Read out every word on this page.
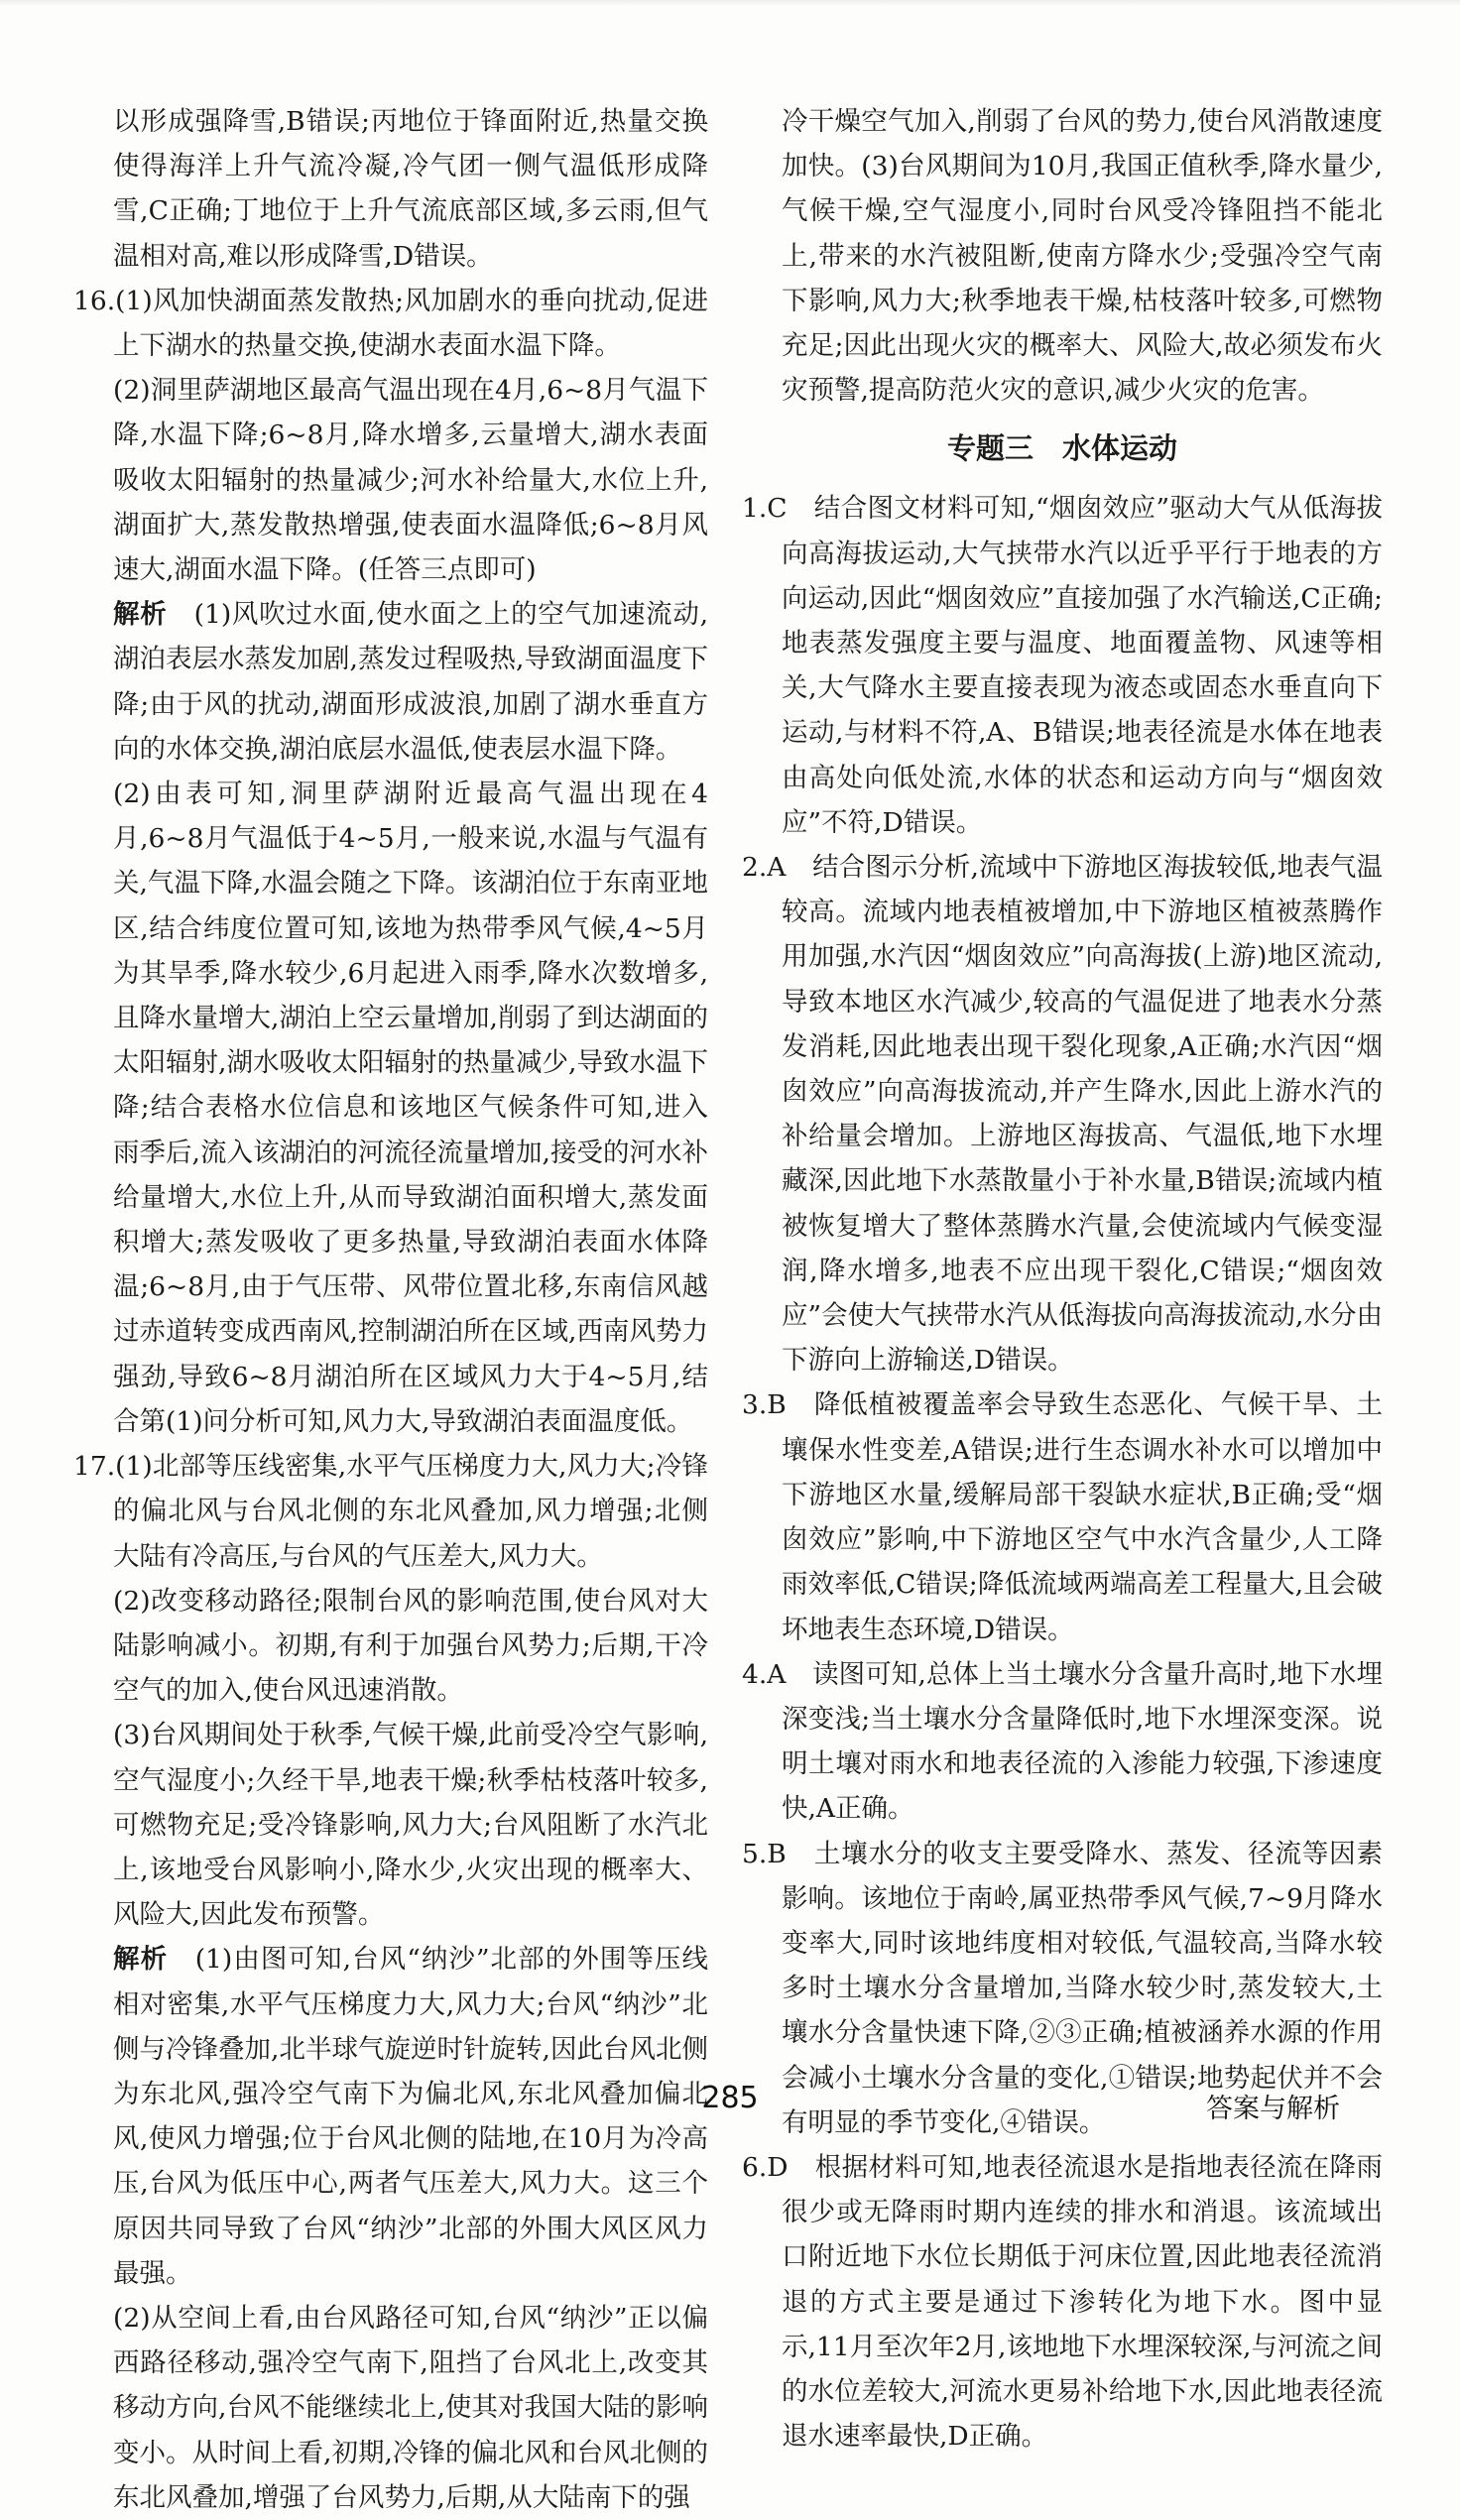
以形成强降雪,B错误;丙地位于锋面附近,热量交换使得海洋上升气流冷凝,冷气团一侧气温低形成降雪,C正确;丁地位于上升气流底部区域,多云雨,但气温相对高,难以形成降雪,D错误。

16.(1)风加快湖面蒸发散热;风加剧水的垂向扰动,促进上下湖水的热量交换,使湖水表面水温下降。

(2)洞里萨湖地区最高气温出现在4月,6~8月气温下降,水温下降;6~8月,降水增多,云量增大,湖水表面吸收太阳辐射的热量减少;河水补给量大,水位上升,湖面扩大,蒸发散热增强,使表面水温降低;6~8月风速大,湖面水温下降。(任答三点即可)

解析　 (1)风吹过水面,使水面之上的空气加速流动,湖泊表层水蒸发加剧,蒸发过程吸热,导致湖面温度下降;由于风的扰动,湖面形成波浪,加剧了湖水垂直方向的水体交换,湖泊底层水温低,使表层水温下降。

(2)由表可知,洞里萨湖附近最高气温出现在4月,6~8月气温低于4~5月,一般来说,水温与气温有关,气温下降,水温会随之下降。该湖泊位于东南亚地区,结合纬度位置可知,该地为热带季风气候,4~5月为其旱季,降水较少,6月起进入雨季,降水次数增多,且降水量增大,湖泊上空云量增加,削弱了到达湖面的太阳辐射,湖水吸收太阳辐射的热量减少,导致水温下降;结合表格水位信息和该地区气候条件可知,进入雨季后,流入该湖泊的河流径流量增加,接受的河水补给量增大,水位上升,从而导致湖泊面积增大,蒸发面积增大;蒸发吸收了更多热量,导致湖泊表面水体降温;6~8月,由于气压带、风带位置北移,东南信风越过赤道转变成西南风,控制湖泊所在区域,西南风势力强劲,导致6~8月湖泊所在区域风力大于4~5月,结合第(1)问分析可知,风力大,导致湖泊表面温度低。

17.(1)北部等压线密集,水平气压梯度力大,风力大;冷锋的偏北风与台风北侧的东北风叠加,风力增强;北侧大陆有冷高压,与台风的气压差大,风力大。

(2)改变移动路径;限制台风的影响范围,使台风对大陆影响减小。初期,有利于加强台风势力;后期,干冷空气的加入,使台风迅速消散。

(3)台风期间处于秋季,气候干燥,此前受冷空气影响,空气湿度小;久经干旱,地表干燥;秋季枯枝落叶较多,可燃物充足;受冷锋影响,风力大;台风阻断了水汽北上,该地受台风影响小,降水少,火灾出现的概率大、风险大,因此发布预警。

解析　 (1)由图可知,台风“纳沙”北部的外围等压线相对密集,水平气压梯度力大,风力大;台风“纳沙”北侧与冷锋叠加,北半球气旋逆时针旋转,因此台风北侧为东北风,强冷空气南下为偏北风,东北风叠加偏北风,使风力增强;位于台风北侧的陆地,在10月为冷高压,台风为低压中心,两者气压差大,风力大。这三个原因共同导致了台风“纳沙”北部的外围大风区风力最强。

(2)从空间上看,由台风路径可知,台风“纳沙”正以偏西路径移动,强冷空气南下,阻挡了台风北上,改变其移动方向,台风不能继续北上,使其对我国大陆的影响变小。从时间上看,初期,冷锋的偏北风和台风北侧的东北风叠加,增强了台风势力,后期,从大陆南下的强

冷干燥空气加入,削弱了台风的势力,使台风消散速度加快。(3)台风期间为10月,我国正值秋季,降水量少,气候干燥,空气湿度小,同时台风受冷锋阻挡不能北上,带来的水汽被阻断,使南方降水少;受强冷空气南下影响,风力大;秋季地表干燥,枯枝落叶较多,可燃物充足;因此出现火灾的概率大、风险大,故必须发布火灾预警,提高防范火灾的意识,减少火灾的危害。

专题三　水体运动

1.C　结合图文材料可知,“烟囱效应”驱动大气从低海拔向高海拔运动,大气挟带水汽以近乎平行于地表的方向运动,因此“烟囱效应”直接加强了水汽输送,C正确;地表蒸发强度主要与温度、地面覆盖物、风速等相关,大气降水主要直接表现为液态或固态水垂直向下运动,与材料不符,A、B错误;地表径流是水体在地表由高处向低处流,水体的状态和运动方向与“烟囱效应”不符,D错误。

2.A　结合图示分析,流域中下游地区海拔较低,地表气温较高。流域内地表植被增加,中下游地区植被蒸腾作用加强,水汽因“烟囱效应”向高海拔(上游)地区流动,导致本地区水汽减少,较高的气温促进了地表水分蒸发消耗,因此地表出现干裂化现象,A正确;水汽因“烟囱效应”向高海拔流动,并产生降水,因此上游水汽的补给量会增加。上游地区海拔高、气温低,地下水埋藏深,因此地下水蒸散量小于补水量,B错误;流域内植被恢复增大了整体蒸腾水汽量,会使流域内气候变湿润,降水增多,地表不应出现干裂化,C错误;“烟囱效应”会使大气挟带水汽从低海拔向高海拔流动,水分由下游向上游输送,D错误。

3.B　降低植被覆盖率会导致生态恶化、气候干旱、土壤保水性变差,A错误;进行生态调水补水可以增加中下游地区水量,缓解局部干裂缺水症状,B正确;受“烟囱效应”影响,中下游地区空气中水汽含量少,人工降雨效率低,C错误;降低流域两端高差工程量大,且会破坏地表生态环境,D错误。

4.A　读图可知,总体上当土壤水分含量升高时,地下水埋深变浅;当土壤水分含量降低时,地下水埋深变深。说明土壤对雨水和地表径流的入渗能力较强,下渗速度快,A正确。

5.B　土壤水分的收支主要受降水、蒸发、径流等因素影响。该地位于南岭,属亚热带季风气候,7~9月降水变率大,同时该地纬度相对较低,气温较高,当降水较多时土壤水分含量增加,当降水较少时,蒸发较大,土壤水分含量快速下降,②③正确;植被涵养水源的作用会减小土壤水分含量的变化,①错误;地势起伏并不会有明显的季节变化,④错误。

6.D　根据材料可知,地表径流退水是指地表径流在降雨很少或无降雨时期内连续的排水和消退。该流域出口附近地下水位长期低于河床位置,因此地表径流消退的方式主要是通过下渗转化为地下水。图中显示,11月至次年2月,该地地下水埋深较深,与河流之间的水位差较大,河流水更易补给地下水,因此地表径流退水速率最快,D正确。

285	答案与解析
